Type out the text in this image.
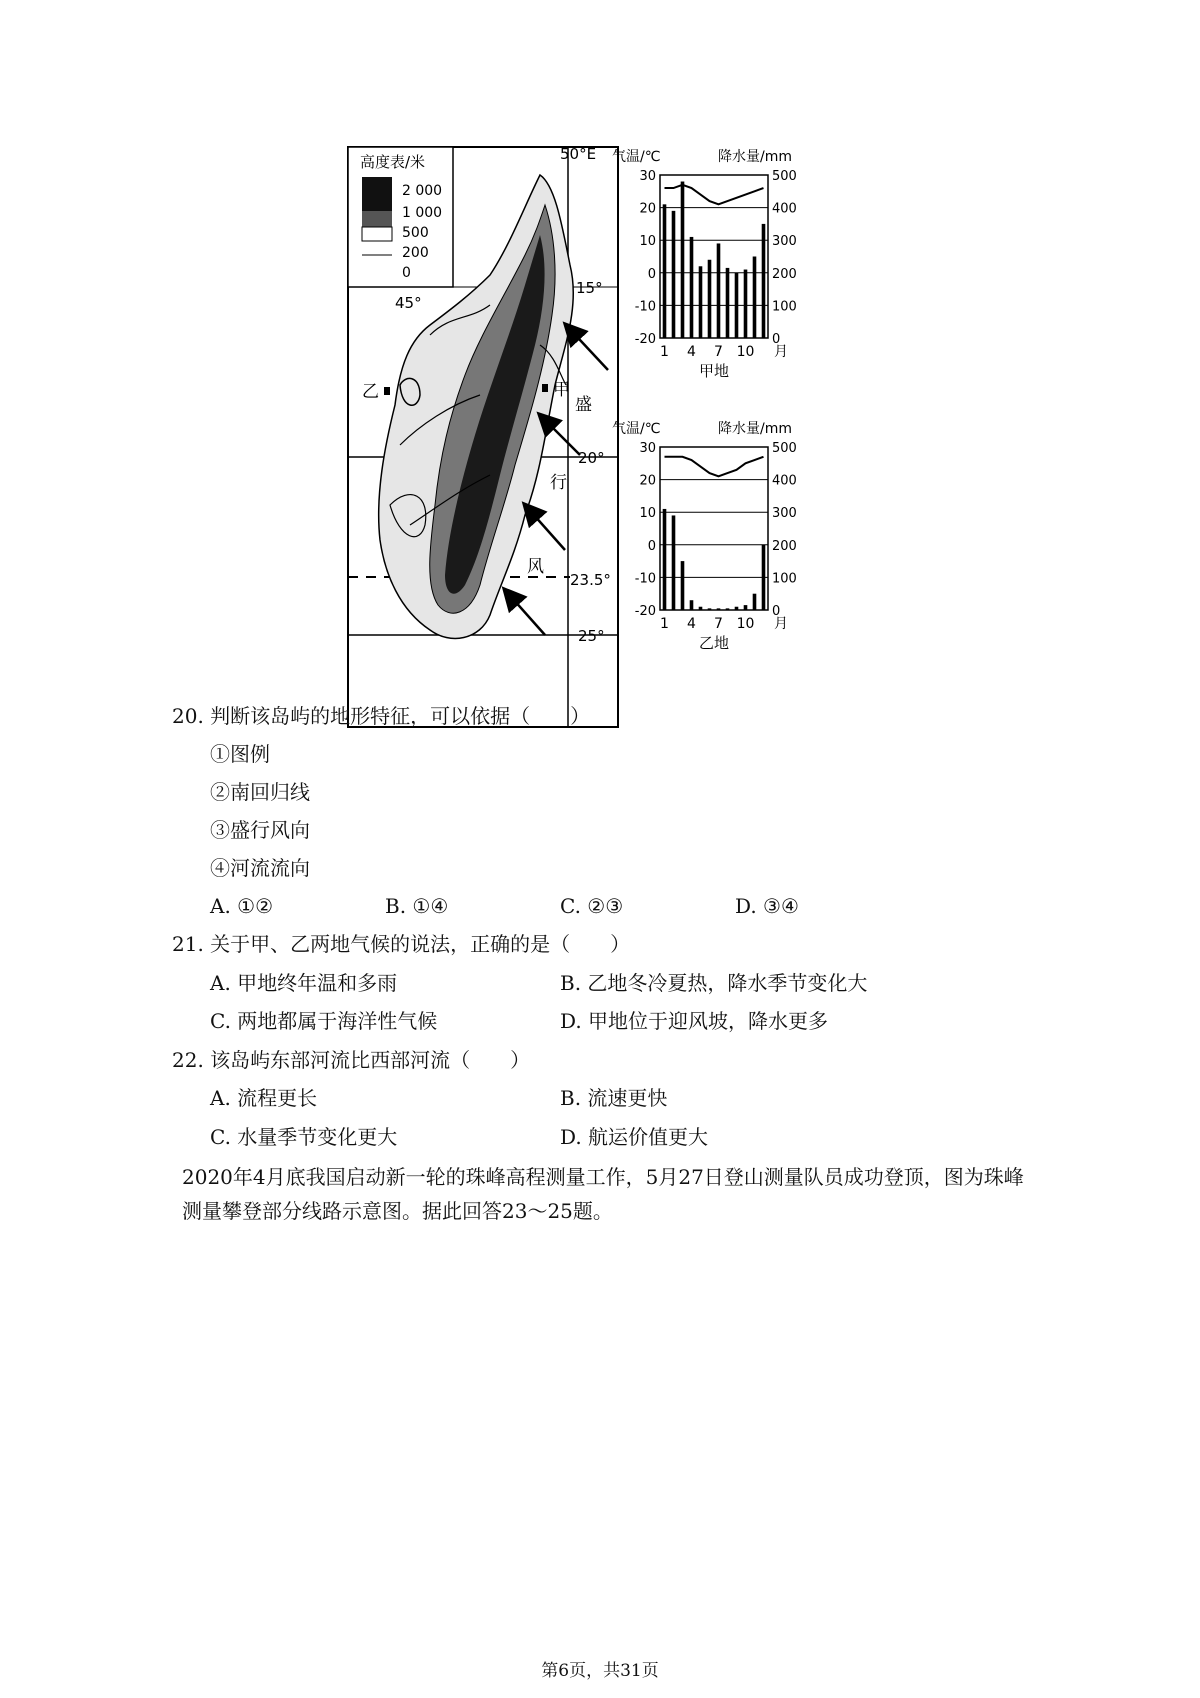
高度表/米
2 000
1 000
500
200
0
50°E
45°
15°
20°
23.5°
25°
甲
乙
盛
行
风
气温/℃	降水量/mm
30
20
10
0
-10
-20
500
400
300
200
100
0
1 4 7 10 月
甲地
气温/℃	降水量/mm
30
20
10
0
-10
-20
500
400
300
200
100
0
1 4 7 10 月
乙地
20. 判断该岛屿的地形特征，可以依据（　　）
①图例
②南回归线
③盛行风向
④河流流向
A. ①②	B. ①④	C. ②③	D. ③④
21. 关于甲、乙两地气候的说法，正确的是（　　）
A. 甲地终年温和多雨	B. 乙地冬冷夏热，降水季节变化大
C. 两地都属于海洋性气候	D. 甲地位于迎风坡，降水更多
22. 该岛屿东部河流比西部河流（　　）
A. 流程更长	B. 流速更快
C. 水量季节变化更大	D. 航运价值更大
2020年4月底我国启动新一轮的珠峰高程测量工作，5月27日登山测量队员成功登顶，图为珠峰测量攀登部分线路示意图。据此回答23～25题。
第6页，共31页
